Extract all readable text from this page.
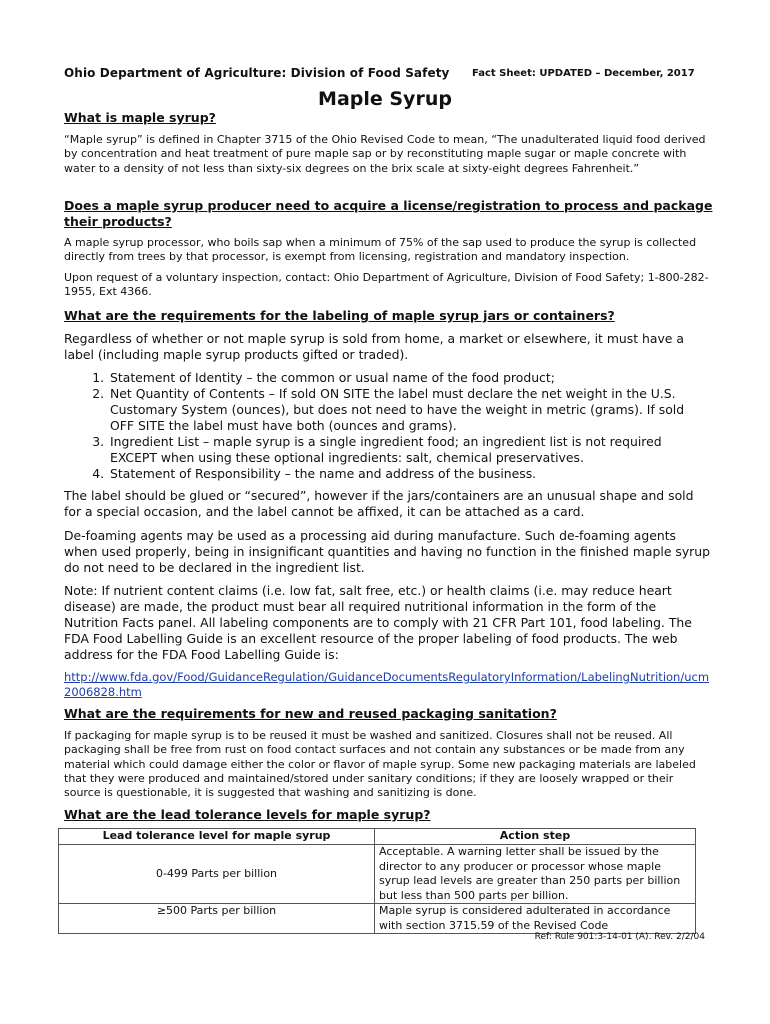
Ohio Department of Agriculture: Division of Food Safety Fact Sheet: UPDATED – December, 2017
Maple Syrup
What is maple syrup?
“Maple syrup” is defined in Chapter 3715 of the Ohio Revised Code to mean, “The unadulterated liquid food derived by concentration and heat treatment of pure maple sap or by reconstituting maple sugar or maple concrete with water to a density of not less than sixty-six degrees on the brix scale at sixty-eight degrees Fahrenheit.”
Does a maple syrup producer need to acquire a license/registration to process and package their products?
A maple syrup processor, who boils sap when a minimum of 75% of the sap used to produce the syrup is collected directly from trees by that processor, is exempt from licensing, registration and mandatory inspection.
Upon request of a voluntary inspection, contact: Ohio Department of Agriculture, Division of Food Safety; 1-800-282-1955, Ext 4366.
What are the requirements for the labeling of maple syrup jars or containers?
Regardless of whether or not maple syrup is sold from home, a market or elsewhere, it must have a label (including maple syrup products gifted or traded).
1. Statement of Identity – the common or usual name of the food product;
2. Net Quantity of Contents – If sold ON SITE the label must declare the net weight in the U.S. Customary System (ounces), but does not need to have the weight in metric (grams). If sold OFF SITE the label must have both (ounces and grams).
3. Ingredient List – maple syrup is a single ingredient food; an ingredient list is not required EXCEPT when using these optional ingredients: salt, chemical preservatives.
4. Statement of Responsibility – the name and address of the business.
The label should be glued or “secured”, however if the jars/containers are an unusual shape and sold for a special occasion, and the label cannot be affixed, it can be attached as a card.
De-foaming agents may be used as a processing aid during manufacture. Such de-foaming agents when used properly, being in insignificant quantities and having no function in the finished maple syrup do not need to be declared in the ingredient list.
Note: If nutrient content claims (i.e. low fat, salt free, etc.) or health claims (i.e. may reduce heart disease) are made, the product must bear all required nutritional information in the form of the Nutrition Facts panel. All labeling components are to comply with 21 CFR Part 101, food labeling. The FDA Food Labelling Guide is an excellent resource of the proper labeling of food products. The web address for the FDA Food Labelling Guide is:
http://www.fda.gov/Food/GuidanceRegulation/GuidanceDocumentsRegulatoryInformation/LabelingNutrition/ucm2006828.htm
What are the requirements for new and reused packaging sanitation?
If packaging for maple syrup is to be reused it must be washed and sanitized. Closures shall not be reused. All packaging shall be free from rust on food contact surfaces and not contain any substances or be made from any material which could damage either the color or flavor of maple syrup. Some new packaging materials are labeled that they were produced and maintained/stored under sanitary conditions; if they are loosely wrapped or their source is questionable, it is suggested that washing and sanitizing is done.
What are the lead tolerance levels for maple syrup?
Lead tolerance level for maple syrup	Action step
0-499 Parts per billion	Acceptable. A warning letter shall be issued by the director to any producer or processor whose maple syrup lead levels are greater than 250 parts per billion but less than 500 parts per billion.
≥500 Parts per billion	Maple syrup is considered adulterated in accordance with section 3715.59 of the Revised Code
Ref: Rule 901:3-14-01 (A). Rev. 2/2/04
